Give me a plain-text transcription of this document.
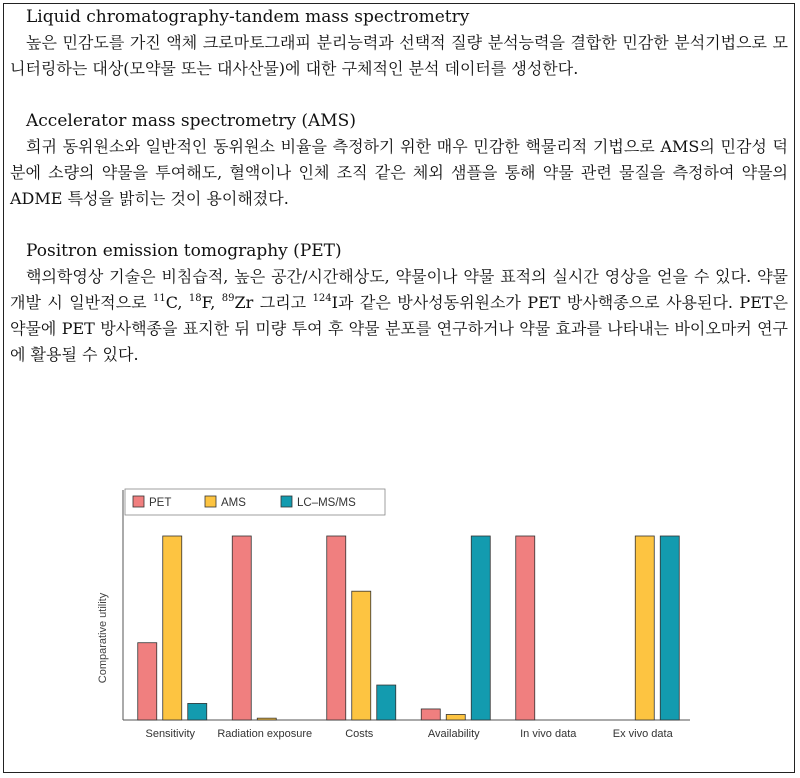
Liquid chromatography-tandem mass spectrometry
높은 민감도를 가진 액체 크로마토그래피 분리능력과 선택적 질량 분석능력을 결합한 민감한 분석기법으로 모니터링하는 대상(모약물 또는 대사산물)에 대한 구체적인 분석 데이터를 생성한다.
Accelerator mass spectrometry (AMS)
희귀 동위원소와 일반적인 동위원소 비율을 측정하기 위한 매우 민감한 핵물리적 기법으로 AMS의 민감성 덕분에 소량의 약물을 투여해도, 혈액이나 인체 조직 같은 체외 샘플을 통해 약물 관련 물질을 측정하여 약물의 ADME 특성을 밝히는 것이 용이해졌다.
Positron emission tomography (PET)
핵의학영상 기술은 비침습적, 높은 공간/시간해상도, 약물이나 약물 표적의 실시간 영상을 얻을 수 있다. 약물개발 시 일반적으로 $^{11}$C, $^{18}$F, $^{89}$Zr 그리고 $^{124}$I과 같은 방사성동위원소가 PET 방사핵종으로 사용된다. PET은 약물에 PET 방사핵종을 표지한 뒤 미량 투여 후 약물 분포를 연구하거나 약물 효과를 나타내는 바이오마커 연구에 활용될 수 있다.
Comparative utility
Sensitivity Radiation exposure	Costs	Availability	In vivo data	Ex vivo data
PET	AMS	LC–MS/MS
